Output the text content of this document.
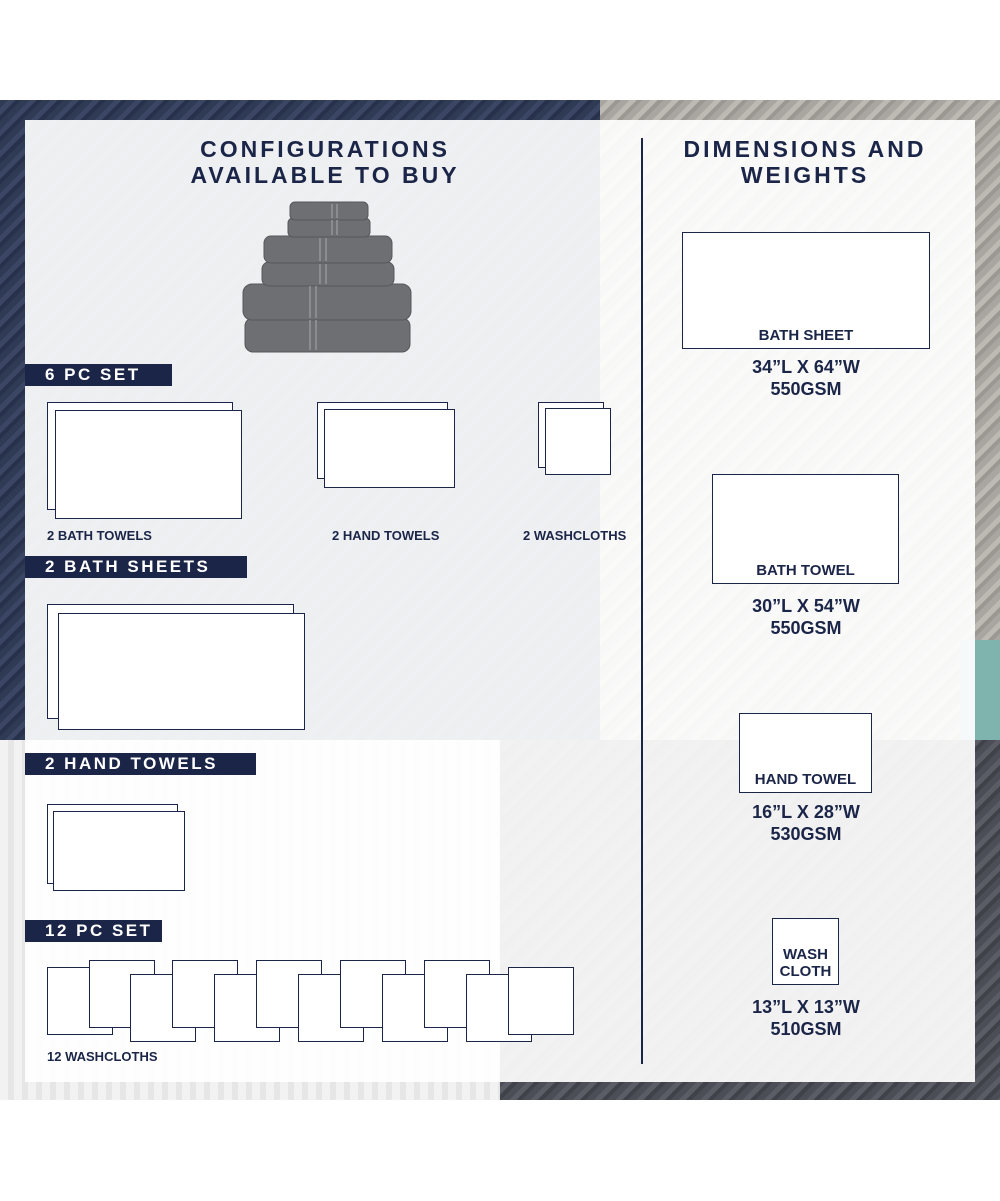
CONFIGURATIONS
AVAILABLE TO BUY
DIMENSIONS AND
WEIGHTS
6 PC SET
2 BATH TOWELS	2 HAND TOWELS	2 WASHCLOTHS
2 BATH SHEETS
2 HAND TOWELS
12 PC SET
12 WASHCLOTHS
BATH SHEET
34”L X 64”W
550GSM
BATH TOWEL
30”L X 54”W
550GSM
HAND TOWEL
16”L X 28”W
530GSM
WASH
CLOTH
13”L X 13”W
510GSM
